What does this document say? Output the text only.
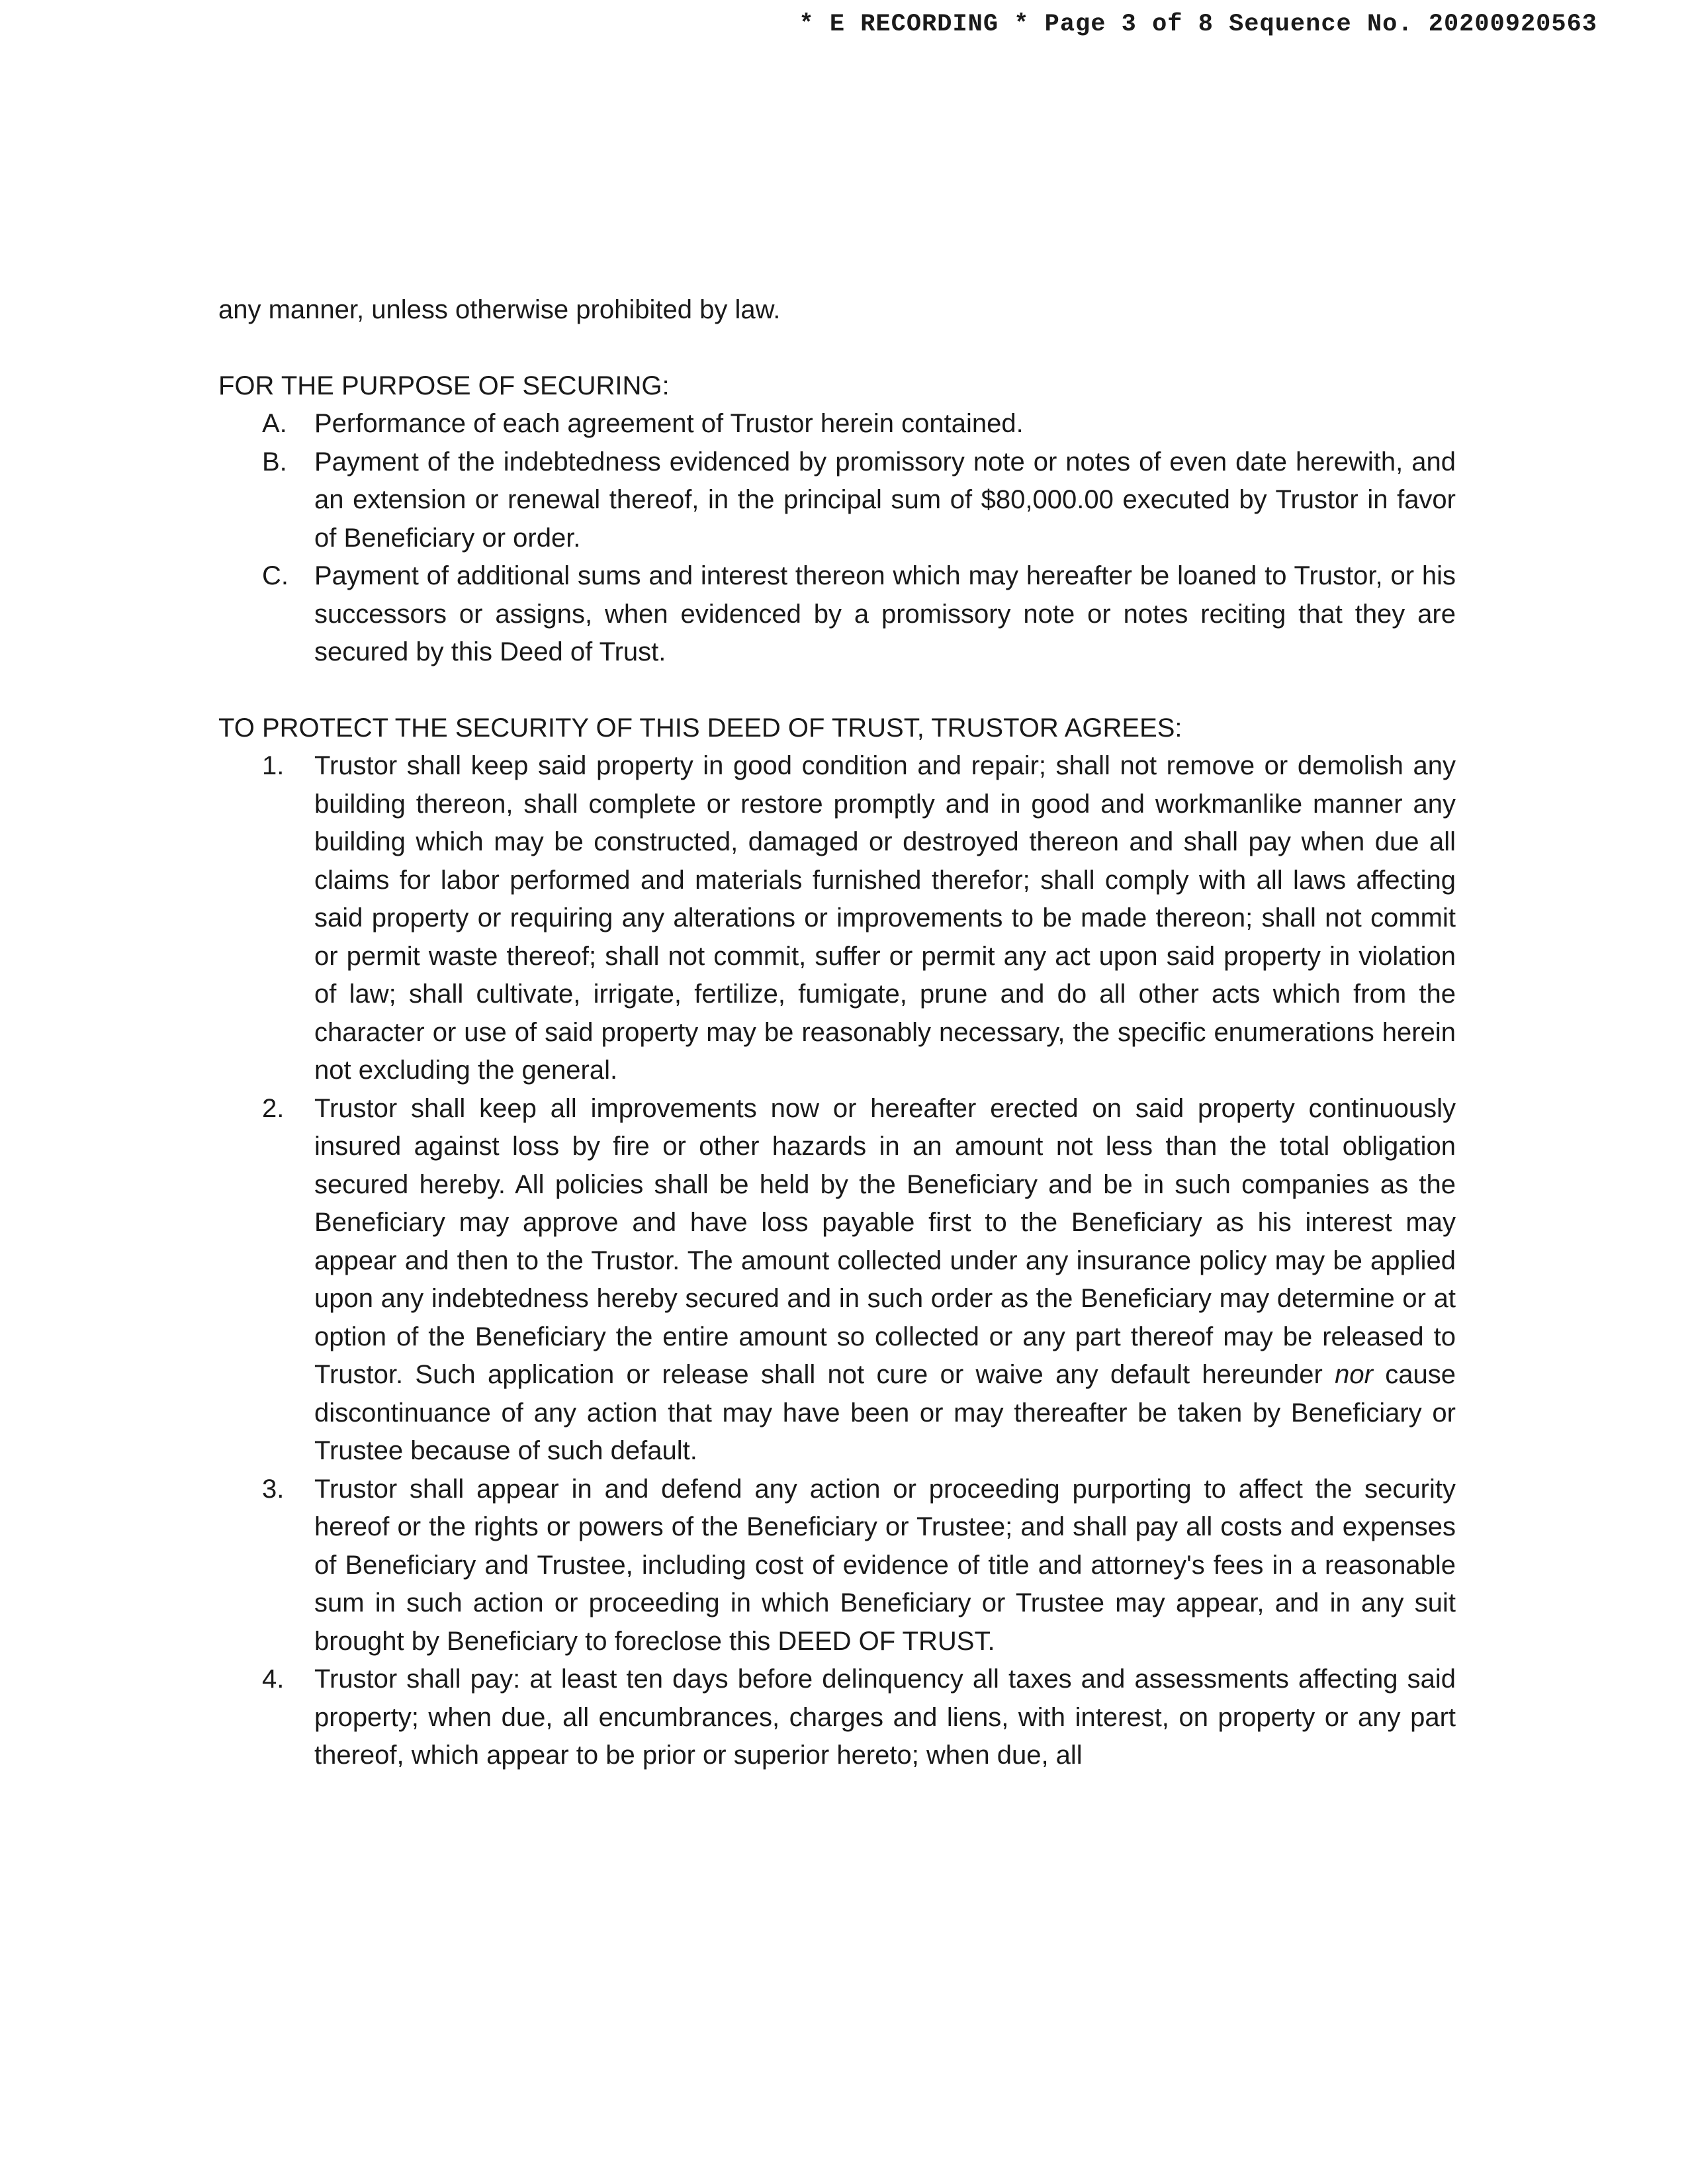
* E RECORDING * Page 3 of 8 Sequence No. 20200920563

any manner, unless otherwise prohibited by law.

FOR THE PURPOSE OF SECURING:

A. Performance of each agreement of Trustor herein contained.
B. Payment of the indebtedness evidenced by promissory note or notes of even date herewith, and an extension or renewal thereof, in the principal sum of $80,000.00 executed by Trustor in favor of Beneficiary or order.
C. Payment of additional sums and interest thereon which may hereafter be loaned to Trustor, or his successors or assigns, when evidenced by a promissory note or notes reciting that they are secured by this Deed of Trust.

TO PROTECT THE SECURITY OF THIS DEED OF TRUST, TRUSTOR AGREES:

1. Trustor shall keep said property in good condition and repair; shall not remove or demolish any building thereon, shall complete or restore promptly and in good and workmanlike manner any building which may be constructed, damaged or destroyed thereon and shall pay when due all claims for labor performed and materials furnished therefor; shall comply with all laws affecting said property or requiring any alterations or improvements to be made thereon; shall not commit or permit waste thereof; shall not commit, suffer or permit any act upon said property in violation of law; shall cultivate, irrigate, fertilize, fumigate, prune and do all other acts which from the character or use of said property may be reasonably necessary, the specific enumerations herein not excluding the general.
2. Trustor shall keep all improvements now or hereafter erected on said property continuously insured against loss by fire or other hazards in an amount not less than the total obligation secured hereby. All policies shall be held by the Beneficiary and be in such companies as the Beneficiary may approve and have loss payable first to the Beneficiary as his interest may appear and then to the Trustor. The amount collected under any insurance policy may be applied upon any indebtedness hereby secured and in such order as the Beneficiary may determine or at option of the Beneficiary the entire amount so collected or any part thereof may be released to Trustor. Such application or release shall not cure or waive any default hereunder nor cause discontinuance of any action that may have been or may thereafter be taken by Beneficiary or Trustee because of such default.
3. Trustor shall appear in and defend any action or proceeding purporting to affect the security hereof or the rights or powers of the Beneficiary or Trustee; and shall pay all costs and expenses of Beneficiary and Trustee, including cost of evidence of title and attorney's fees in a reasonable sum in such action or proceeding in which Beneficiary or Trustee may appear, and in any suit brought by Beneficiary to foreclose this DEED OF TRUST.
4. Trustor shall pay: at least ten days before delinquency all taxes and assessments affecting said property; when due, all encumbrances, charges and liens, with interest, on property or any part thereof, which appear to be prior or superior hereto; when due, all
